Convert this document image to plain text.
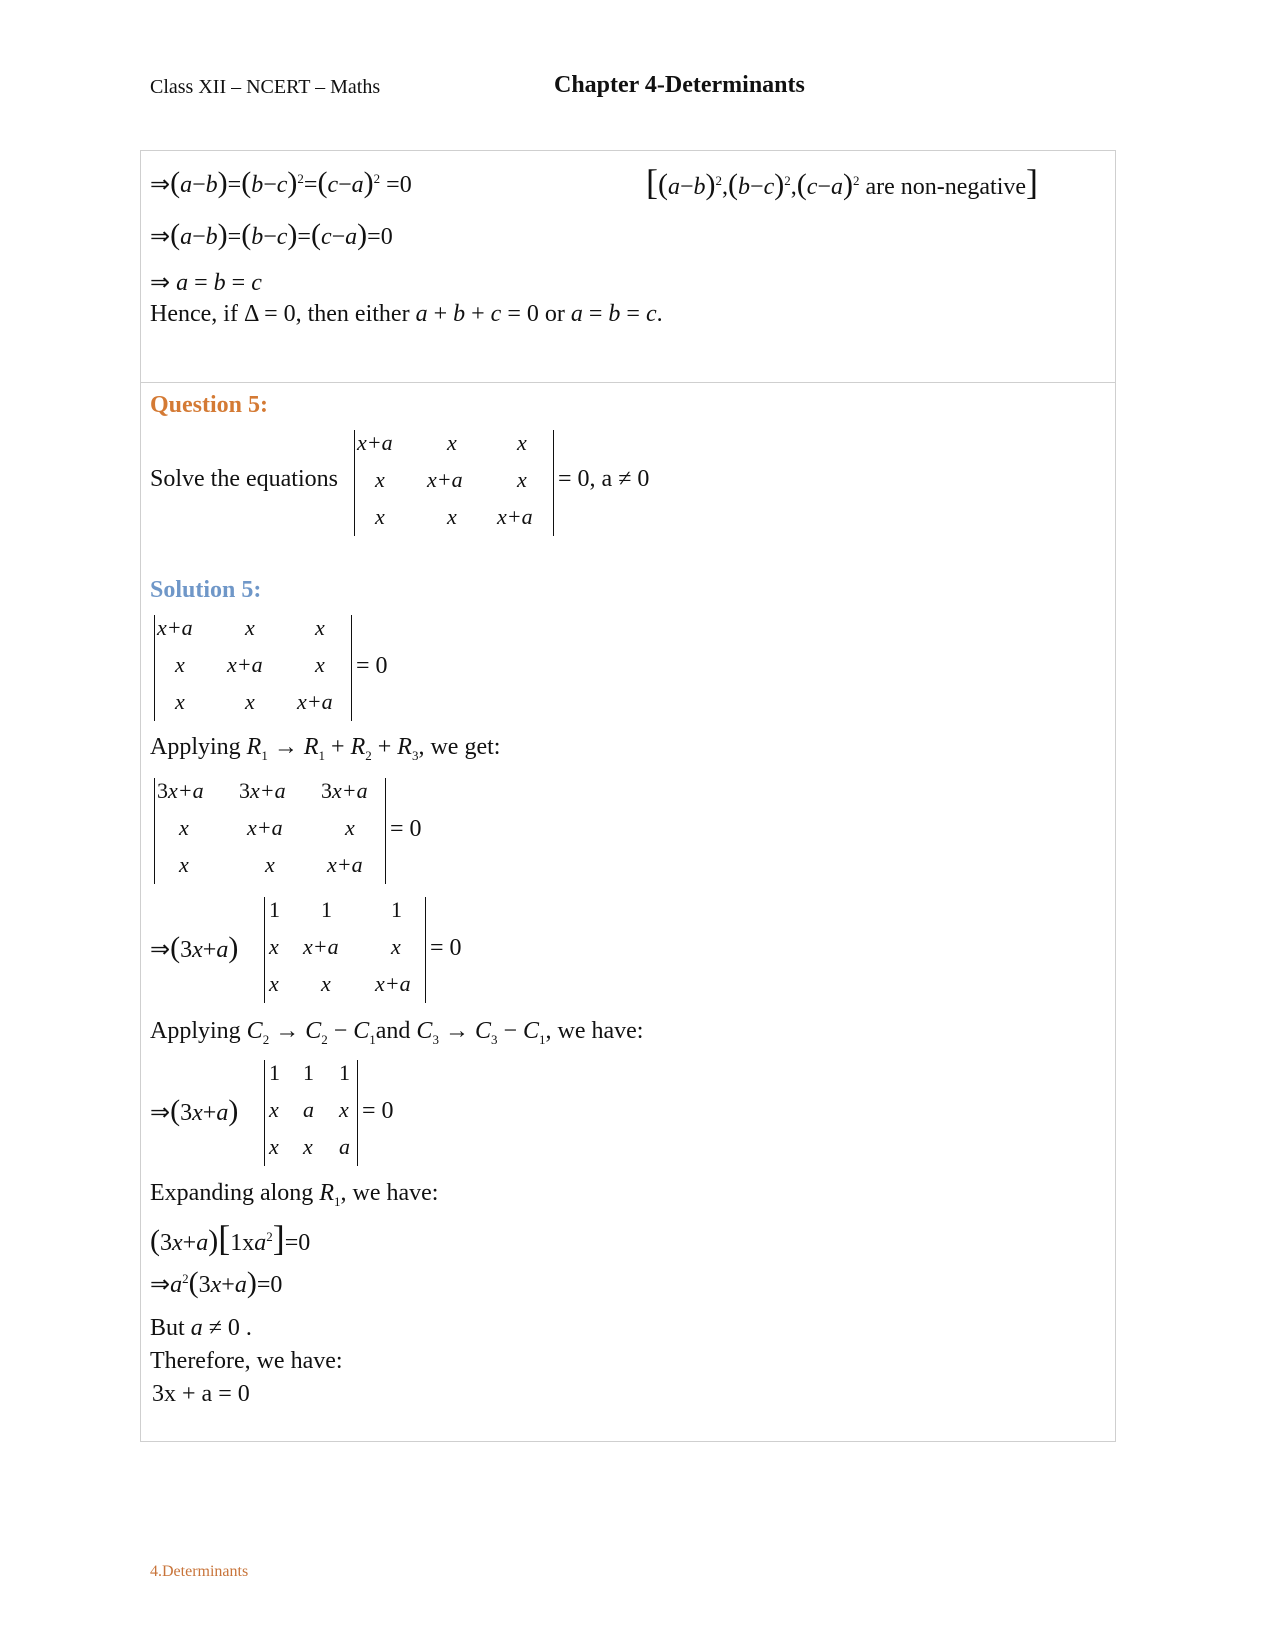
Class XII – NCERT – Maths	Chapter 4-Determinants
$\Rightarrow(a-b)=(b-c)^2=(c-a)^2 =0$	[$(a-b)^2,(b-c)^2,(c-a)^2$ are non-negative]
⇒(a−b)=(b−c)=(c−a)=0
⇒ a = b = c
Hence, if Δ = 0, then either a + b + c = 0 or a = b = c.
Question 5:
Solve the equations
x+a x	x
x x+a x
x	x x+a
= 0, a ≠ 0
Solution 5:
x+a x	x
x x+a x
x	x x+a
= 0
Applying $R_1 \to R_1 + R_2 + R_3$, we get:
3x+a 3x+a 3x+a
x	x+a	x
x	x x+a
= 0
⇒(3x+a)
1 1	1
x x+a x
x x x+a
= 0
Applying $C_2 \to C_2 - C_1and$ $C_3 \to C_3 - C_1$, we have:
⇒(3x+a)
1 1 1
x a x
x x a
= 0
Expanding along $R_1$, we have:
$(3x+a)[1xa^2]=0$
$\Rightarrow a^2(3x+a)=0$
But a ≠ 0 .
Therefore, we have:
3x + a = 0
4.Determinants
